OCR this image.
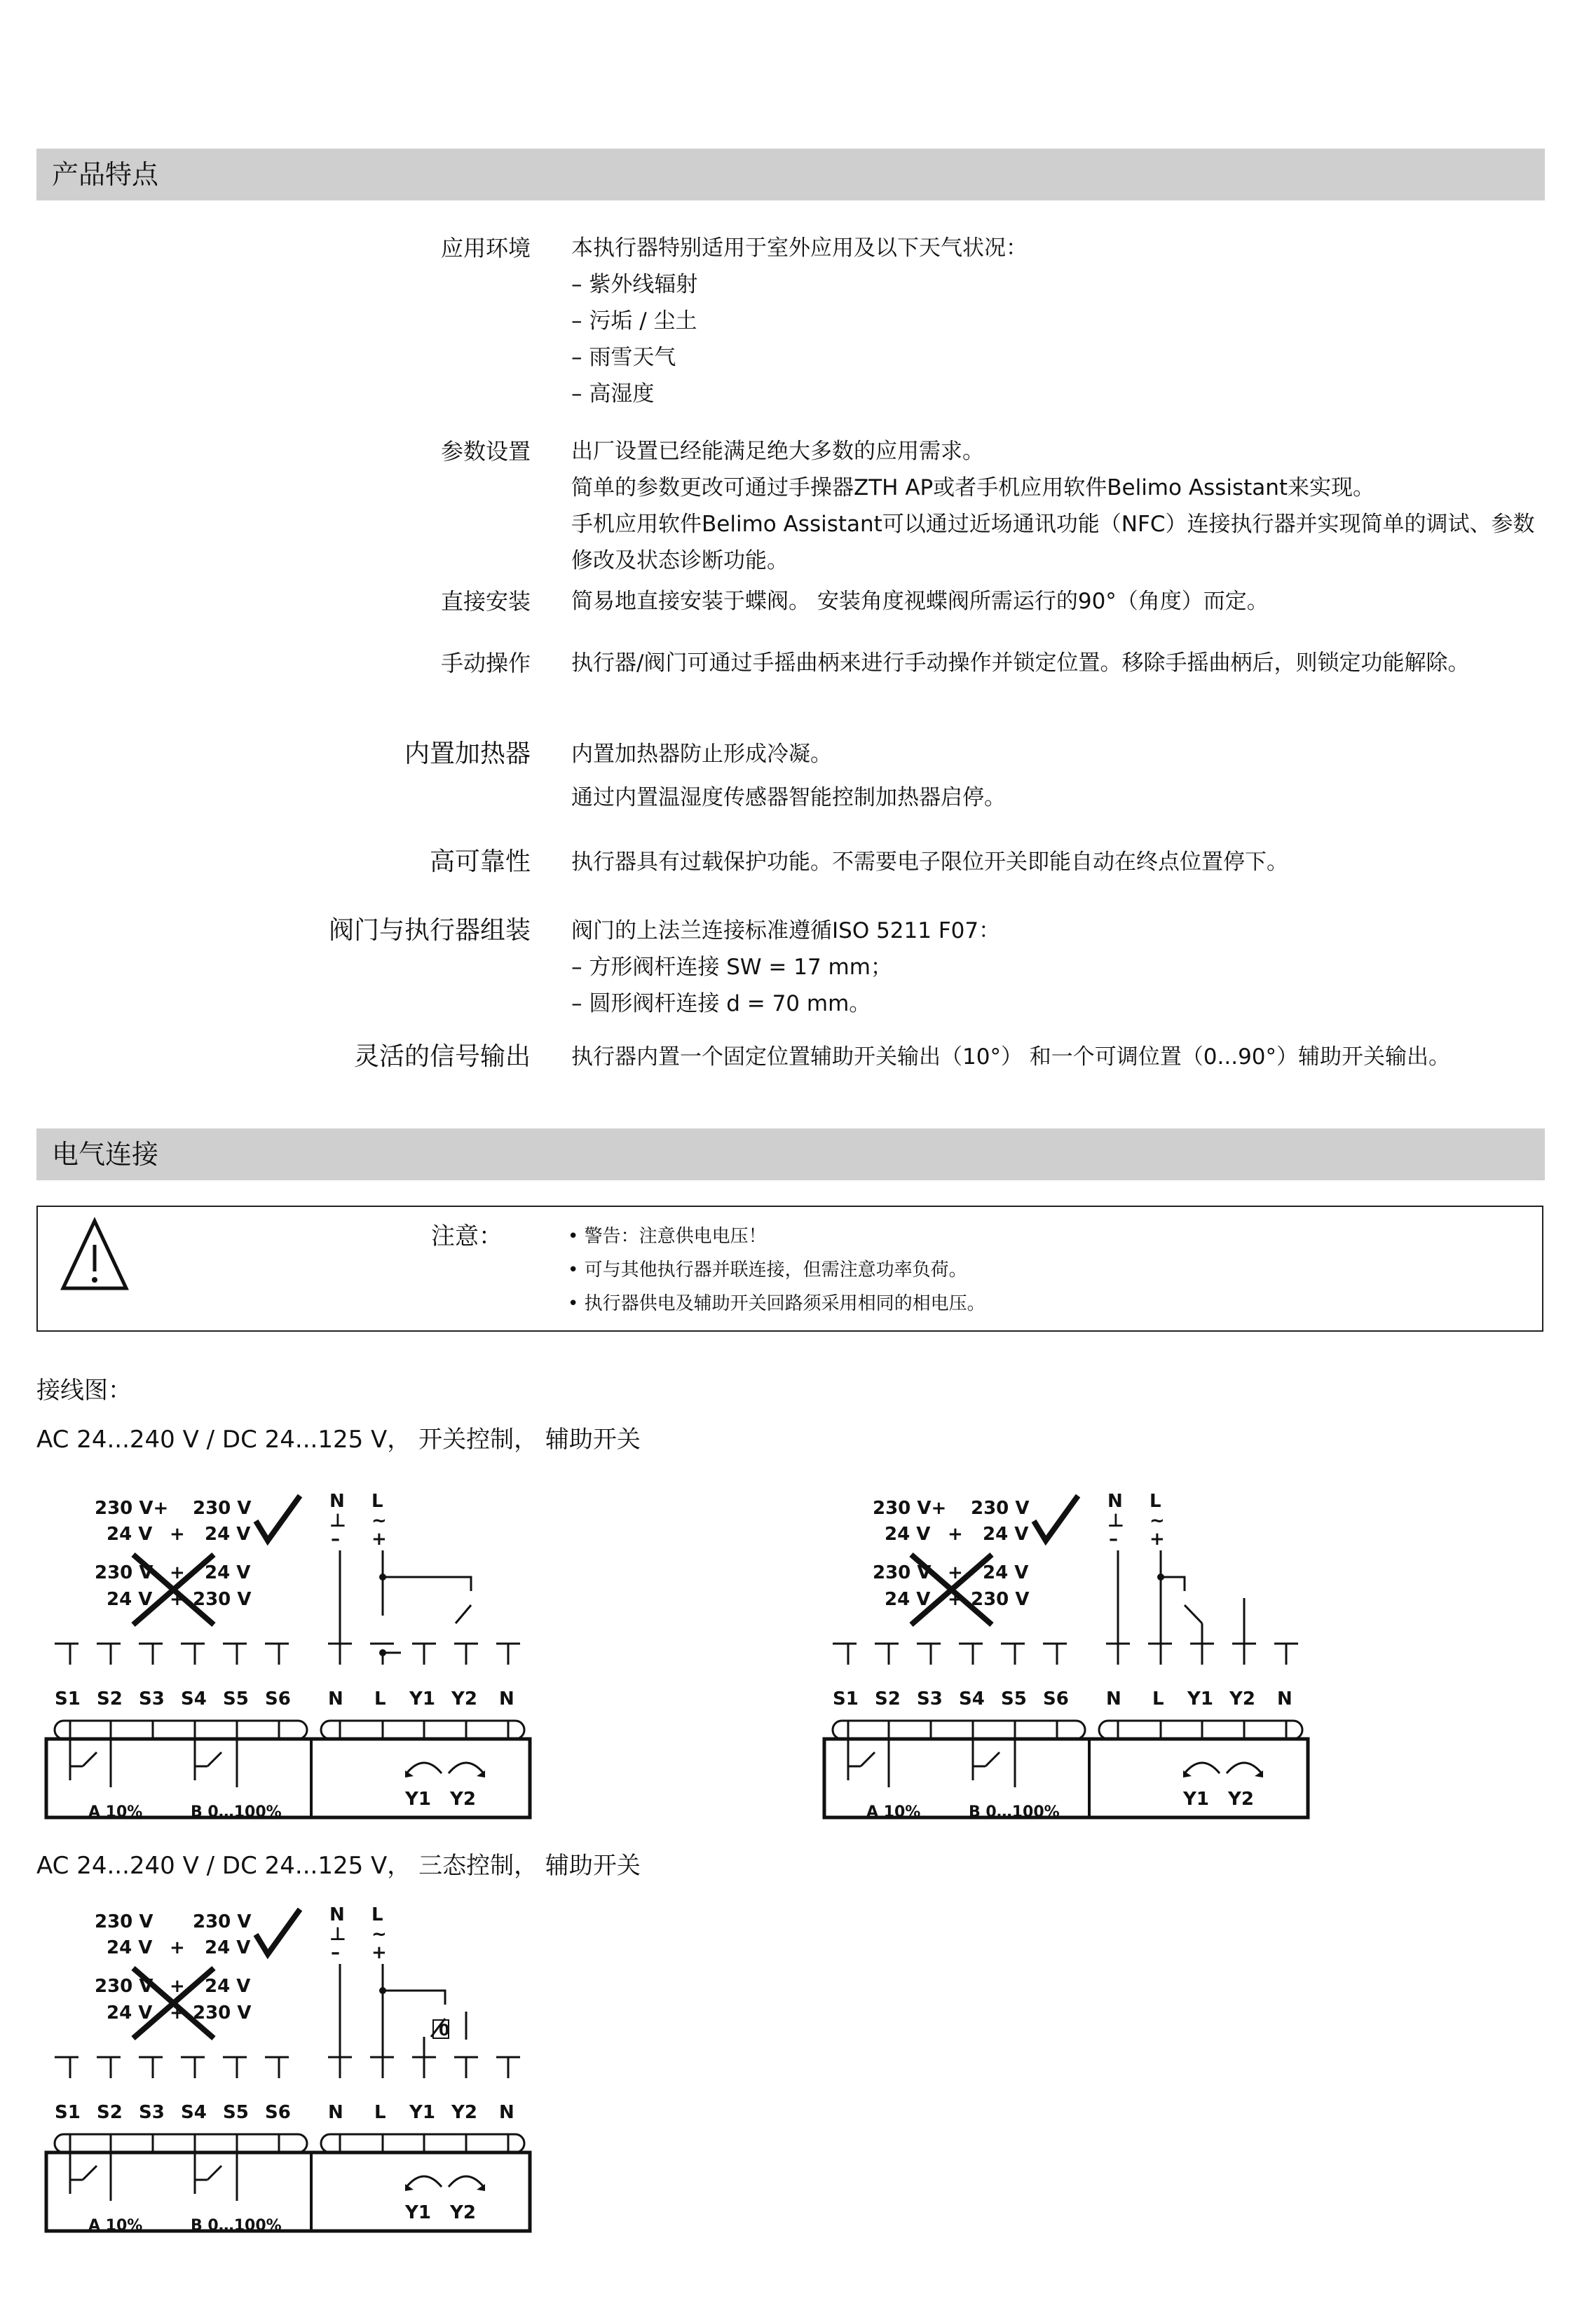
产品特点
应用环境 本执行器特别适用于室外应用及以下天气状况：
– 紫外线辐射
– 污垢 / 尘土
– 雨雪天气
– 高湿度
参数设置 出厂设置已经能满足绝大多数的应用需求。
简单的参数更改可通过手操器ZTH AP或者手机应用软件Belimo Assistant来实现。
手机应用软件Belimo Assistant可以通过近场通讯功能（NFC）连接执行器并实现简单的调试、参数修改及状态诊断功能。
直接安装 简易地直接安装于蝶阀。 安装角度视蝶阀所需运行的90°（角度）而定。
手动操作 执行器/阀门可通过手摇曲柄来进行手动操作并锁定位置。移除手摇曲柄后，则锁定功能解除。
内置加热器 内置加热器防止形成冷凝。
通过内置温湿度传感器智能控制加热器启停。
高可靠性 执行器具有过载保护功能。不需要电子限位开关即能自动在终点位置停下。
阀门与执行器组装 阀门的上法兰连接标准遵循ISO 5211 F07：
– 方形阀杆连接 SW = 17 mm；
– 圆形阀杆连接 d = 70 mm。
灵活的信号输出 执行器内置一个固定位置辅助开关输出（10°） 和一个可调位置（0...90°）辅助开关输出。
电气连接
注意：
•	警告：注意供电电压！
• 可与其他执行器并联连接，但需注意功率负荷。
• 执行器供电及辅助开关回路须采用相同的相电压。
接线图：
AC 24...240 V / DC 24...125 V， 开关控制， 辅助开关
AC 24...240 V / DC 24...125 V， 三态控制， 辅助开关
230 V+ 230 V
24 V + 24 V
230 V + 24 V
24 V + 230 V
N L
⊥ ~
– +
S1 S2 S3 S4 S5 S6 N L Y1 Y2 N
Y1 Y2
A 10%	B 0…100%
230 V+ 230 V
24 V + 24 V
230 V + 24 V
24 V + 230 V
N L
⊥ ~
– +
S1 S2 S3 S4 S5 S6 N L Y1 Y2 N
Y1 Y2
A 10%	B 0…100%
230 V 230 V
24 V + 24 V
230 V + 24 V
24 V + 230 V
N L
⊥ ~
– +
0
S1 S2 S3 S4 S5 S6 N L Y1 Y2 N
Y1 Y2
A 10%	B 0…100%
